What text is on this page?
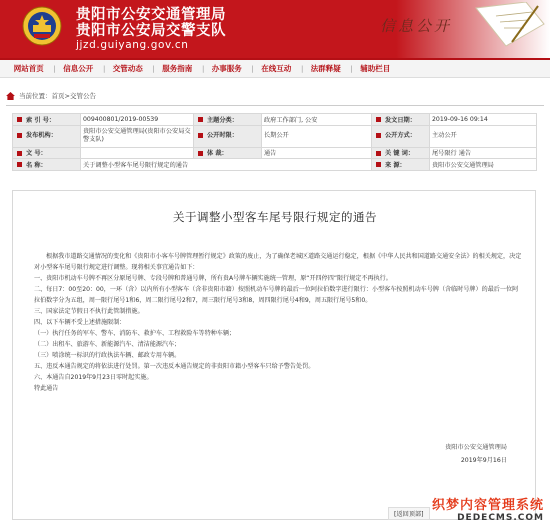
贵阳市公安交通管理局
贵阳市公安局交警支队
jjzd.guiyang.gov.cn
信息公开
网站首页	| 信息公开	| 交管动态	| 服务指南	| 办事服务	| 在线互动	| 法群释疑	| 辅助栏目
当前位置： 首页>交管公告
索 引 号：	009400801/2019-00539	主题分类：	政府工作部门, 公安	发文日期：	2019-09-16 09:14
发布机构：	贵阳市公安交通管理局(贵阳市公安局交警支队)	公开时限：	长期公开	公开方式：	主动公开
文 号：		体 裁：	通告	关 键 词：	尾号限行 通告
名 称：	关于调整小型客车尾号限行规定的通告			来 源：	贵阳市公安交通管理局
关于调整小型客车尾号限行规定的通告

根据我市道路交通情况的变化和《贵阳市小客车号牌管理暂行规定》政策的废止，为了确保老城区道路交通运行稳定，根据《中华人民共和国道路交通安全法》的相关规定，决定对小型客车尾号限行规定进行调整。现将相关事宜通告如下：

一、贵阳市机动车号牌不再区分原尾号牌、专段号牌和普通号牌，所有贵A号牌车辆实施统一管理，原“开四停四”限行规定不再执行。

二、每日7：00至20：00，一环（含）以内所有小型客车（含非贵阳市籍）按照机动车号牌的最后一位阿拉伯数字进行限行：小型客车按照机动车号牌（含临时号牌）的最后一位阿拉伯数字分为五组，周一限行尾号1和6，周二限行尾号2和7，周三限行尾号3和8，周四限行尾号4和9，周五限行尾号5和0。

三、国家法定节假日不执行此管制措施。

四、以下车辆不受上述措施限制：

（一）执行任务的军车、警车、消防车、救护车、工程救险车等特种车辆；

（二）出租车、旅游车、新能源汽车、清洁能源汽车；

（三）喷涂统一标识的行政执法车辆、邮政专用车辆。

五、违反本通告规定的将依法进行处罚。第一次违反本通告规定的非贵阳市籍小型客车只给予警告处罚。

六、本通告自2019年9月23日零时起实施。

特此通告

贵阳市公安交通管理局
2019年9月16日
[返回顶部]
织梦内容管理系统
DEDECMS.COM
